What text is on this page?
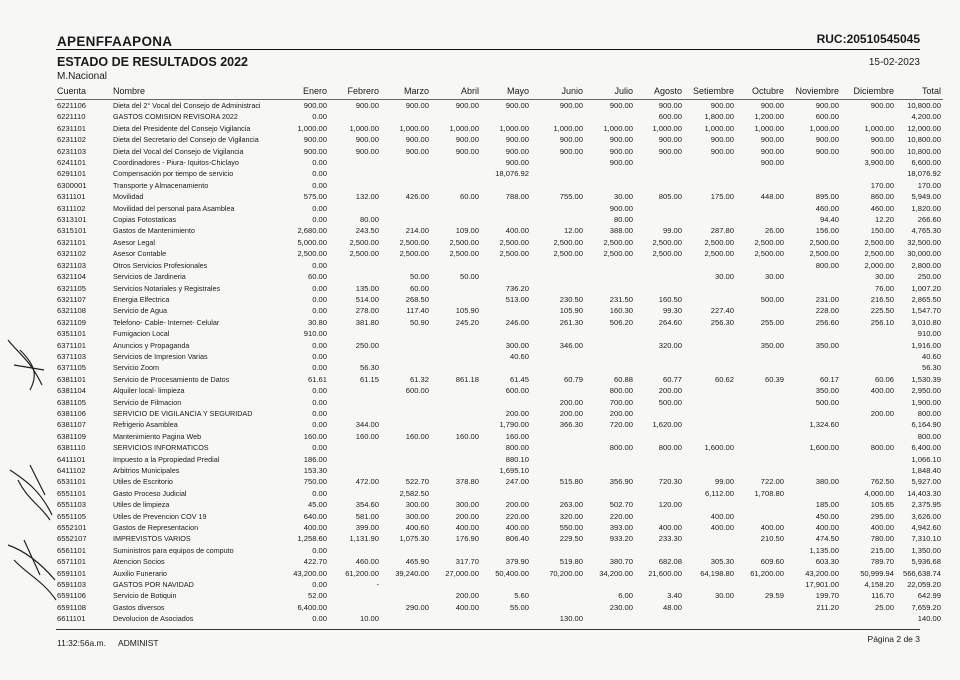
APENFFAAPONA	RUC:20510545045
ESTADO DE RESULTADOS 2022	15-02-2023
M.Nacional
Cuenta	Nombre	Enero	Febrero	Marzo	Abril	Mayo	Junio	Julio	Agosto	Setiembre	Octubre	Noviembre	Diciembre	Total
6221106	Dieta del 2° Vocal del Consejo de Administraci	900.00	900.00	900.00	900.00	900.00	900.00	900.00	900.00	900.00	900.00	900.00	900.00	10,800.00
6221110	GASTOS COMISION REVISORA 2022	0.00							600.00	1,800.00	1,200.00	600.00		4,200.00
6231101	Dieta del Presidente del Consejo Vigilancia	1,000.00	1,000.00	1,000.00	1,000.00	1,000.00	1,000.00	1,000.00	1,000.00	1,000.00	1,000.00	1,000.00	1,000.00	12,000.00
6231102	Dieta del Secretario del Consejo de Vigilancia	900.00	900.00	900.00	900.00	900.00	900.00	900.00	900.00	900.00	900.00	900.00	900.00	10,800.00
6231103	Dieta del Vocal del Consejo de Vigilancia	900.00	900.00	900.00	900.00	900.00	900.00	900.00	900.00	900.00	900.00	900.00	900.00	10,800.00
6241101	Coordinadores - Piura- Iquitos-Chiclayo	0.00				900.00		900.00			900.00		3,900.00	6,600.00
6291101	Compensación por tiempo de servicio	0.00				18,076.92								18,076.92
6300001	Transporte y Almacenamiento	0.00											170.00	170.00
6311101	Movilidad	575.00	132.00	426.00	60.00	788.00	755.00	30.00	805.00	175.00	448.00	895.00	860.00	5,949.00
6311102	Movilidad del personal para Asamblea	0.00						900.00				460.00	460.00	1,820.00
6313101	Copias Fotostaticas	0.00	80.00					80.00				94.40	12.20	266.60
6315101	Gastos de Mantenimiento	2,680.00	243.50	214.00	109.00	400.00	12.00	388.00	99.00	287.80	26.00	156.00	150.00	4,765.30
6321101	Asesor Legal	5,000.00	2,500.00	2,500.00	2,500.00	2,500.00	2,500.00	2,500.00	2,500.00	2,500.00	2,500.00	2,500.00	2,500.00	32,500.00
6321102	Asesor Contable	2,500.00	2,500.00	2,500.00	2,500.00	2,500.00	2,500.00	2,500.00	2,500.00	2,500.00	2,500.00	2,500.00	2,500.00	30,000.00
6321103	Otros Servicios Profesionales	0.00										800.00	2,000.00	2,800.00
6321104	Servicios de Jardineria	60.00		50.00	50.00					30.00	30.00		30.00	250.00
6321105	Servicios Notariales y Registrales	0.00	135.00	60.00		736.20							76.00	1,007.20
6321107	Energia Elfectrica	0.00	514.00	268.50		513.00	230.50	231.50	160.50		500.00	231.00	216.50	2,865.50
6321108	Servicio de Agua	0.00	278.00	117.40	105.90		105.90	160.30	99.30	227.40		228.00	225.50	1,547.70
6321109	Telefono- Cable- Internet- Celular	30.80	381.80	50.90	245.20	246.00	261.30	506.20	264.60	256.30	255.00	256.60	256.10	3,010.80
6351101	Fumigacion Local	910.00												910.00
6371101	Anuncios y Propaganda	0.00	250.00			300.00	346.00		320.00		350.00	350.00		1,916.00
6371103	Servicios de Impresion Varias	0.00				40.60								40.60
6371105	Servicio Zoom	0.00	56.30											56.30
6381101	Servicio de Procesamiento de Datos	61.61	61.15	61.32	861.18	61.45	60.79	60.88	60.77	60.62	60.39	60.17	60.06	1,530.39
6381104	Alquiler local- limpieza	0.00		600.00		600.00		800.00	200.00			350.00	400.00	2,950.00
6381105	Servicio de Filmacion	0.00					200.00	700.00	500.00			500.00		1,900.00
6381106	SERVICIO DE VIGILANCIA Y SEGURIDAD	0.00				200.00	200.00	200.00					200.00	800.00
6381107	Refrigerio Asamblea	0.00	344.00			1,790.00	366.30	720.00	1,620.00			1,324.60		6,164.90
6381109	Mantenimiento Pagina Web	160.00	160.00	160.00	160.00	160.00								800.00
6381110	SERVICIOS INFORMATICOS	0.00				800.00		800.00	800.00	1,600.00		1,600.00	800.00	6,400.00
6411101	Impuesto a la Ppropiedad Predial	186.00				880.10								1,066.10
6411102	Arbitrios Municipales	153.30				1,695.10								1,848.40
6531101	Utiles de Escritorio	750.00	472.00	522.70	378.80	247.00	515.80	356.90	720.30	99.00	722.00	380.00	762.50	5,927.00
6551101	Gasto Proceso Judicial	0.00		2,582.50						6,112.00	1,708.80		4,000.00	14,403.30
6551103	Utiles de limpieza	45.00	354.60	300.00	300.00	200.00	263.00	502.70	120.00			185.00	105.65	2,375.95
6551105	Utiles de Prevencion COV 19	640.00	581.00	300.00	200.00	220.00	320.00	220.00		400.00		450.00	295.00	3,626.00
6552101	Gastos de Representacion	400.00	399.00	400.60	400.00	400.00	550.00	393.00	400.00	400.00	400.00	400.00	400.00	4,942.60
6552107	IMPREVISTOS VARIOS	1,258.60	1,131.90	1,075.30	176.90	806.40	229.50	933.20	233.30		210.50	474.50	780.00	7,310.10
6561101	Suministros para equipos de computo	0.00										1,135.00	215.00	1,350.00
6571101	Atencion Socios	422.70	460.00	465.90	317.70	379.90	519.80	380.70	682.08	305.30	609.60	603.30	789.70	5,936.68
6591101	Auxilio Funerario	43,200.00	61,200.00	39,240.00	27,000.00	50,400.00	70,200.00	34,200.00	21,600.00	64,198.80	61,200.00	43,200.00	50,999.94	566,638.74
6591103	GASTOS POR NAVIDAD	0.00	-									17,901.00	4,158.20	22,059.20
6591106	Servicio de Botiquin	52.00			200.00	5.60		6.00	3.40	30.00	29.59	199.70	116.70	642.99
6591108	Gastos diversos	6,400.00		290.00	400.00	55.00		230.00	48.00			211.20	25.00	7,659.20
6611101	Devolucion de Asociados	0.00	10.00				130.00							140.00
11:32:56a.m. ADMINIST	Página 2 de 3
